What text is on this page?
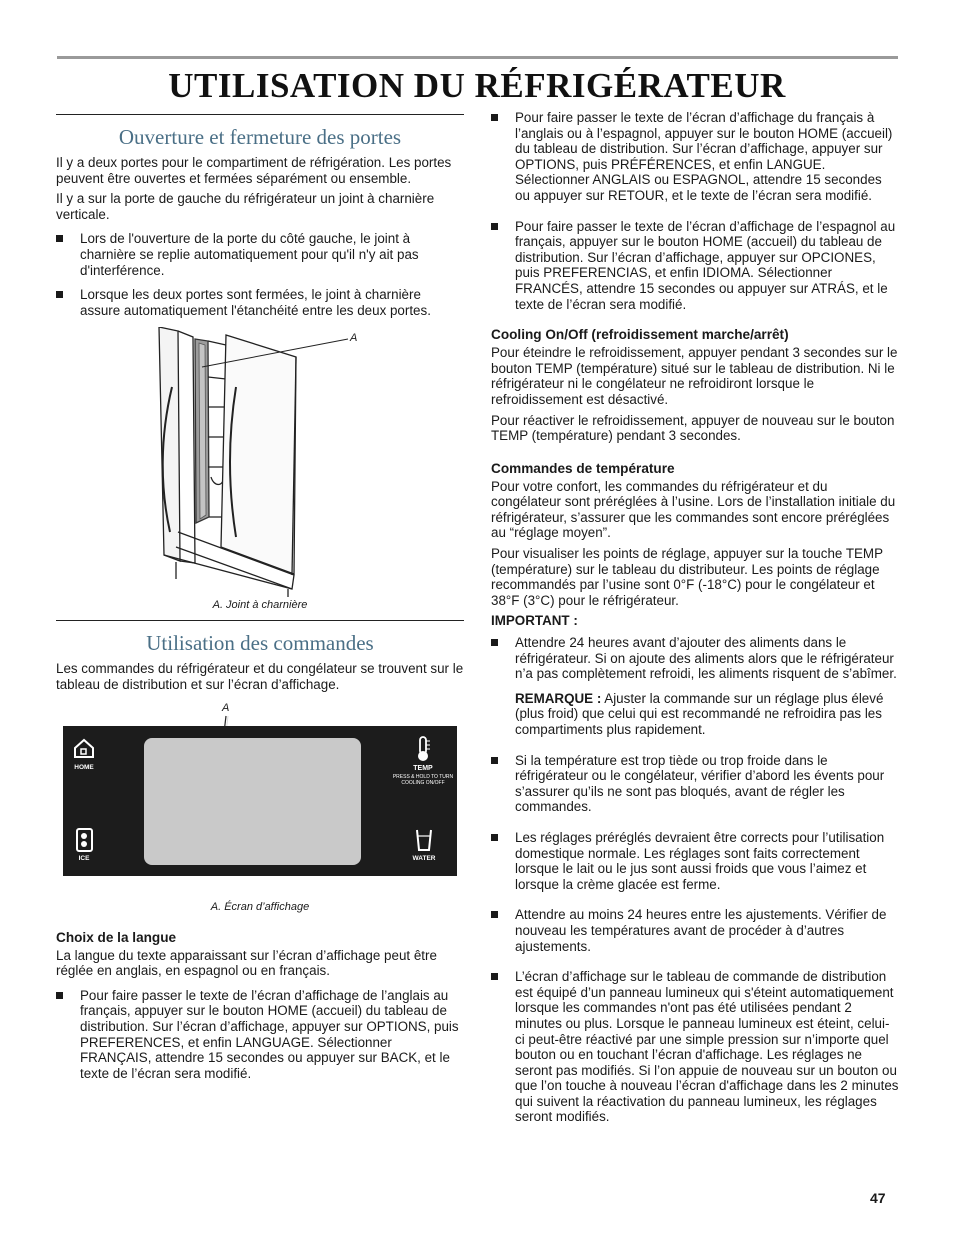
UTILISATION DU RÉFRIGÉRATEUR
Ouverture et fermeture des portes

Il y a deux portes pour le compartiment de réfrigération. Les portes peuvent être ouvertes et fermées séparément ou ensemble.

Il y a sur la porte de gauche du réfrigérateur un joint à charnière verticale.

Lors de l'ouverture de la porte du côté gauche, le joint à charnière se replie automatiquement pour qu'il n'y ait pas d'interférence.
Lorsque les deux portes sont fermées, le joint à charnière assure automatiquement l'étanchéité entre les deux portes.
A
A. Joint à charnière
Utilisation des commandes

Les commandes du réfrigérateur et du congélateur se trouvent sur le tableau de distribution et sur l’écran d’affichage.

A
HOME	TEMP
PRESS & HOLD TO TURN
COOLING ON/OFF
ICE	WATER
A. Écran d’affichage
Choix de la langue

La langue du texte apparaissant sur l’écran d’affichage peut être réglée en anglais, en espagnol ou en français.

Pour faire passer le texte de l’écran d’affichage de l’anglais au français, appuyer sur le bouton HOME (accueil) du tableau de distribution. Sur l’écran d’affichage, appuyer sur OPTIONS, puis PREFERENCES, et enfin LANGUAGE. Sélectionner FRANÇAIS, attendre 15 secondes ou appuyer sur BACK, et le texte de l’écran sera modifié.
Pour faire passer le texte de l’écran d’affichage du français à l’anglais ou à l’espagnol, appuyer sur le bouton HOME (accueil) du tableau de distribution. Sur l’écran d’affichage, appuyer sur OPTIONS, puis PRÉFÉRENCES, et enfin LANGUE. Sélectionner ANGLAIS ou ESPAGNOL, attendre 15 secondes ou appuyer sur RETOUR, et le texte de l’écran sera modifié.
Pour faire passer le texte de l’écran d’affichage de l’espagnol au français, appuyer sur le bouton HOME (accueil) du tableau de distribution. Sur l’écran d’affichage, appuyer sur OPCIONES, puis PREFERENCIAS, et enfin IDIOMA. Sélectionner FRANCÉS, attendre 15 secondes ou appuyer sur ATRÁS, et le texte de l’écran sera modifié.
Cooling On/Off (refroidissement marche/arrêt)

Pour éteindre le refroidissement, appuyer pendant 3 secondes sur le bouton TEMP (température) situé sur le tableau de distribution. Ni le réfrigérateur ni le congélateur ne refroidiront lorsque le refroidissement est désactivé.

Pour réactiver le refroidissement, appuyer de nouveau sur le bouton TEMP (température) pendant 3 secondes.

Commandes de température

Pour votre confort, les commandes du réfrigérateur et du congélateur sont préréglées à l’usine. Lors de l’installation initiale du réfrigérateur, s’assurer que les commandes sont encore préréglées au “réglage moyen”.

Pour visualiser les points de réglage, appuyer sur la touche TEMP (température) sur le tableau du distributeur. Les points de réglage recommandés par l’usine sont 0°F (-18°C) pour le congélateur et 38°F (3°C) pour le réfrigérateur.

IMPORTANT :

Attendre 24 heures avant d’ajouter des aliments dans le réfrigérateur. Si on ajoute des aliments alors que le réfrigérateur n’a pas complètement refroidi, les aliments risquent de s’abîmer.
REMARQUE : Ajuster la commande sur un réglage plus élevé (plus froid) que celui qui est recommandé ne refroidira pas les compartiments plus rapidement.
Si la température est trop tiède ou trop froide dans le réfrigérateur ou le congélateur, vérifier d’abord les évents pour s’assurer qu’ils ne sont pas bloqués, avant de régler les commandes.
Les réglages préréglés devraient être corrects pour l’utilisation domestique normale. Les réglages sont faits correctement lorsque le lait ou le jus sont aussi froids que vous l’aimez et lorsque la crème glacée est ferme.
Attendre au moins 24 heures entre les ajustements. Vérifier de nouveau les températures avant de procéder à d’autres ajustements.
L’écran d’affichage sur le tableau de commande de distribution est équipé d’un panneau lumineux qui s'éteint automatiquement lorsque les commandes n'ont pas été utilisées pendant 2 minutes ou plus. Lorsque le panneau lumineux est éteint, celui-ci peut-être réactivé par une simple pression sur n’importe quel bouton ou en touchant l’écran d'affichage. Les réglages ne seront pas modifiés. Si l’on appuie de nouveau sur un bouton ou que l’on touche à nouveau l’écran d'affichage dans les 2 minutes qui suivent la réactivation du panneau lumineux, les réglages seront modifiés.
47
